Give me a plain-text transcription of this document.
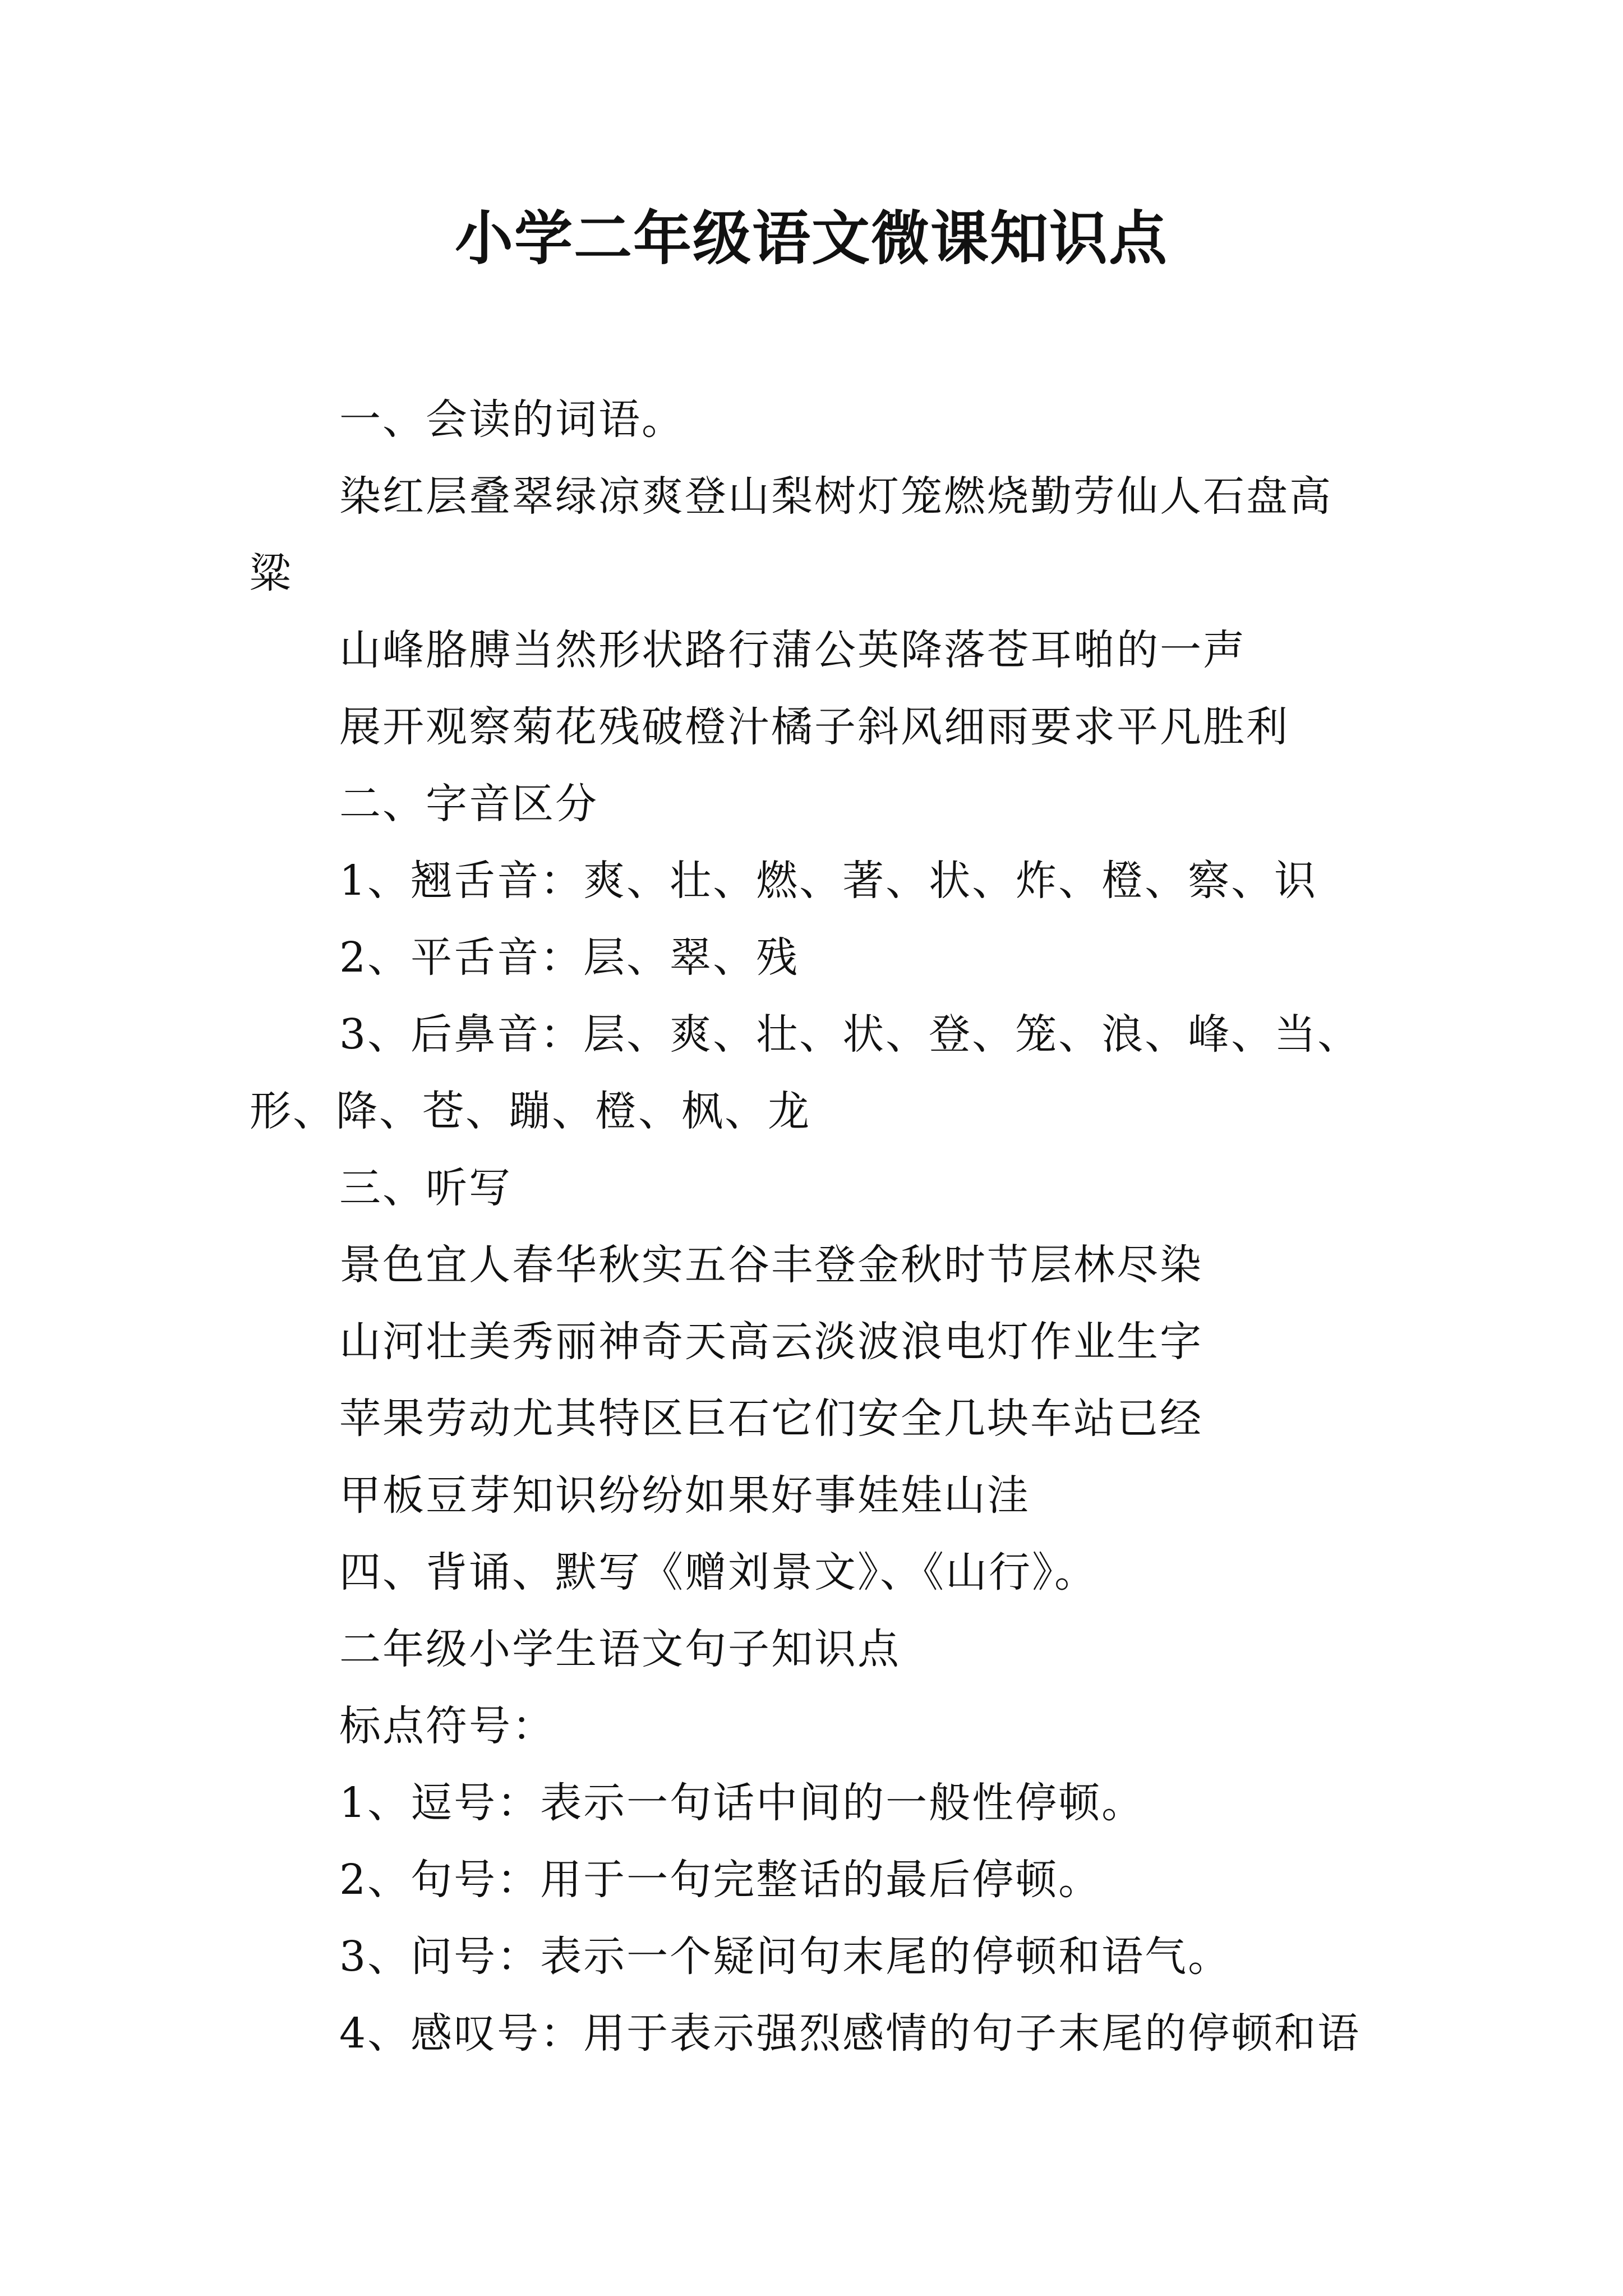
小学二年级语文微课知识点
一、会读的词语。
染红层叠翠绿凉爽登山梨树灯笼燃烧勤劳仙人石盘高
粱
山峰胳膊当然形状路行蒲公英降落苍耳啪的一声
展开观察菊花残破橙汁橘子斜风细雨要求平凡胜利
二、字音区分
1、翘舌音：爽、壮、燃、著、状、炸、橙、察、识
2、平舌音：层、翠、残
3、后鼻音：层、爽、壮、状、登、笼、浪、峰、当、
形、降、苍、蹦、橙、枫、龙
三、听写
景色宜人春华秋实五谷丰登金秋时节层林尽染
山河壮美秀丽神奇天高云淡波浪电灯作业生字
苹果劳动尤其特区巨石它们安全几块车站已经
甲板豆芽知识纷纷如果好事娃娃山洼
四、背诵、默写《赠刘景文》、《山行》。
二年级小学生语文句子知识点
标点符号：
1、逗号：表示一句话中间的一般性停顿。
2、句号：用于一句完整话的最后停顿。
3、问号：表示一个疑问句末尾的停顿和语气。
4、感叹号：用于表示强烈感情的句子末尾的停顿和语
